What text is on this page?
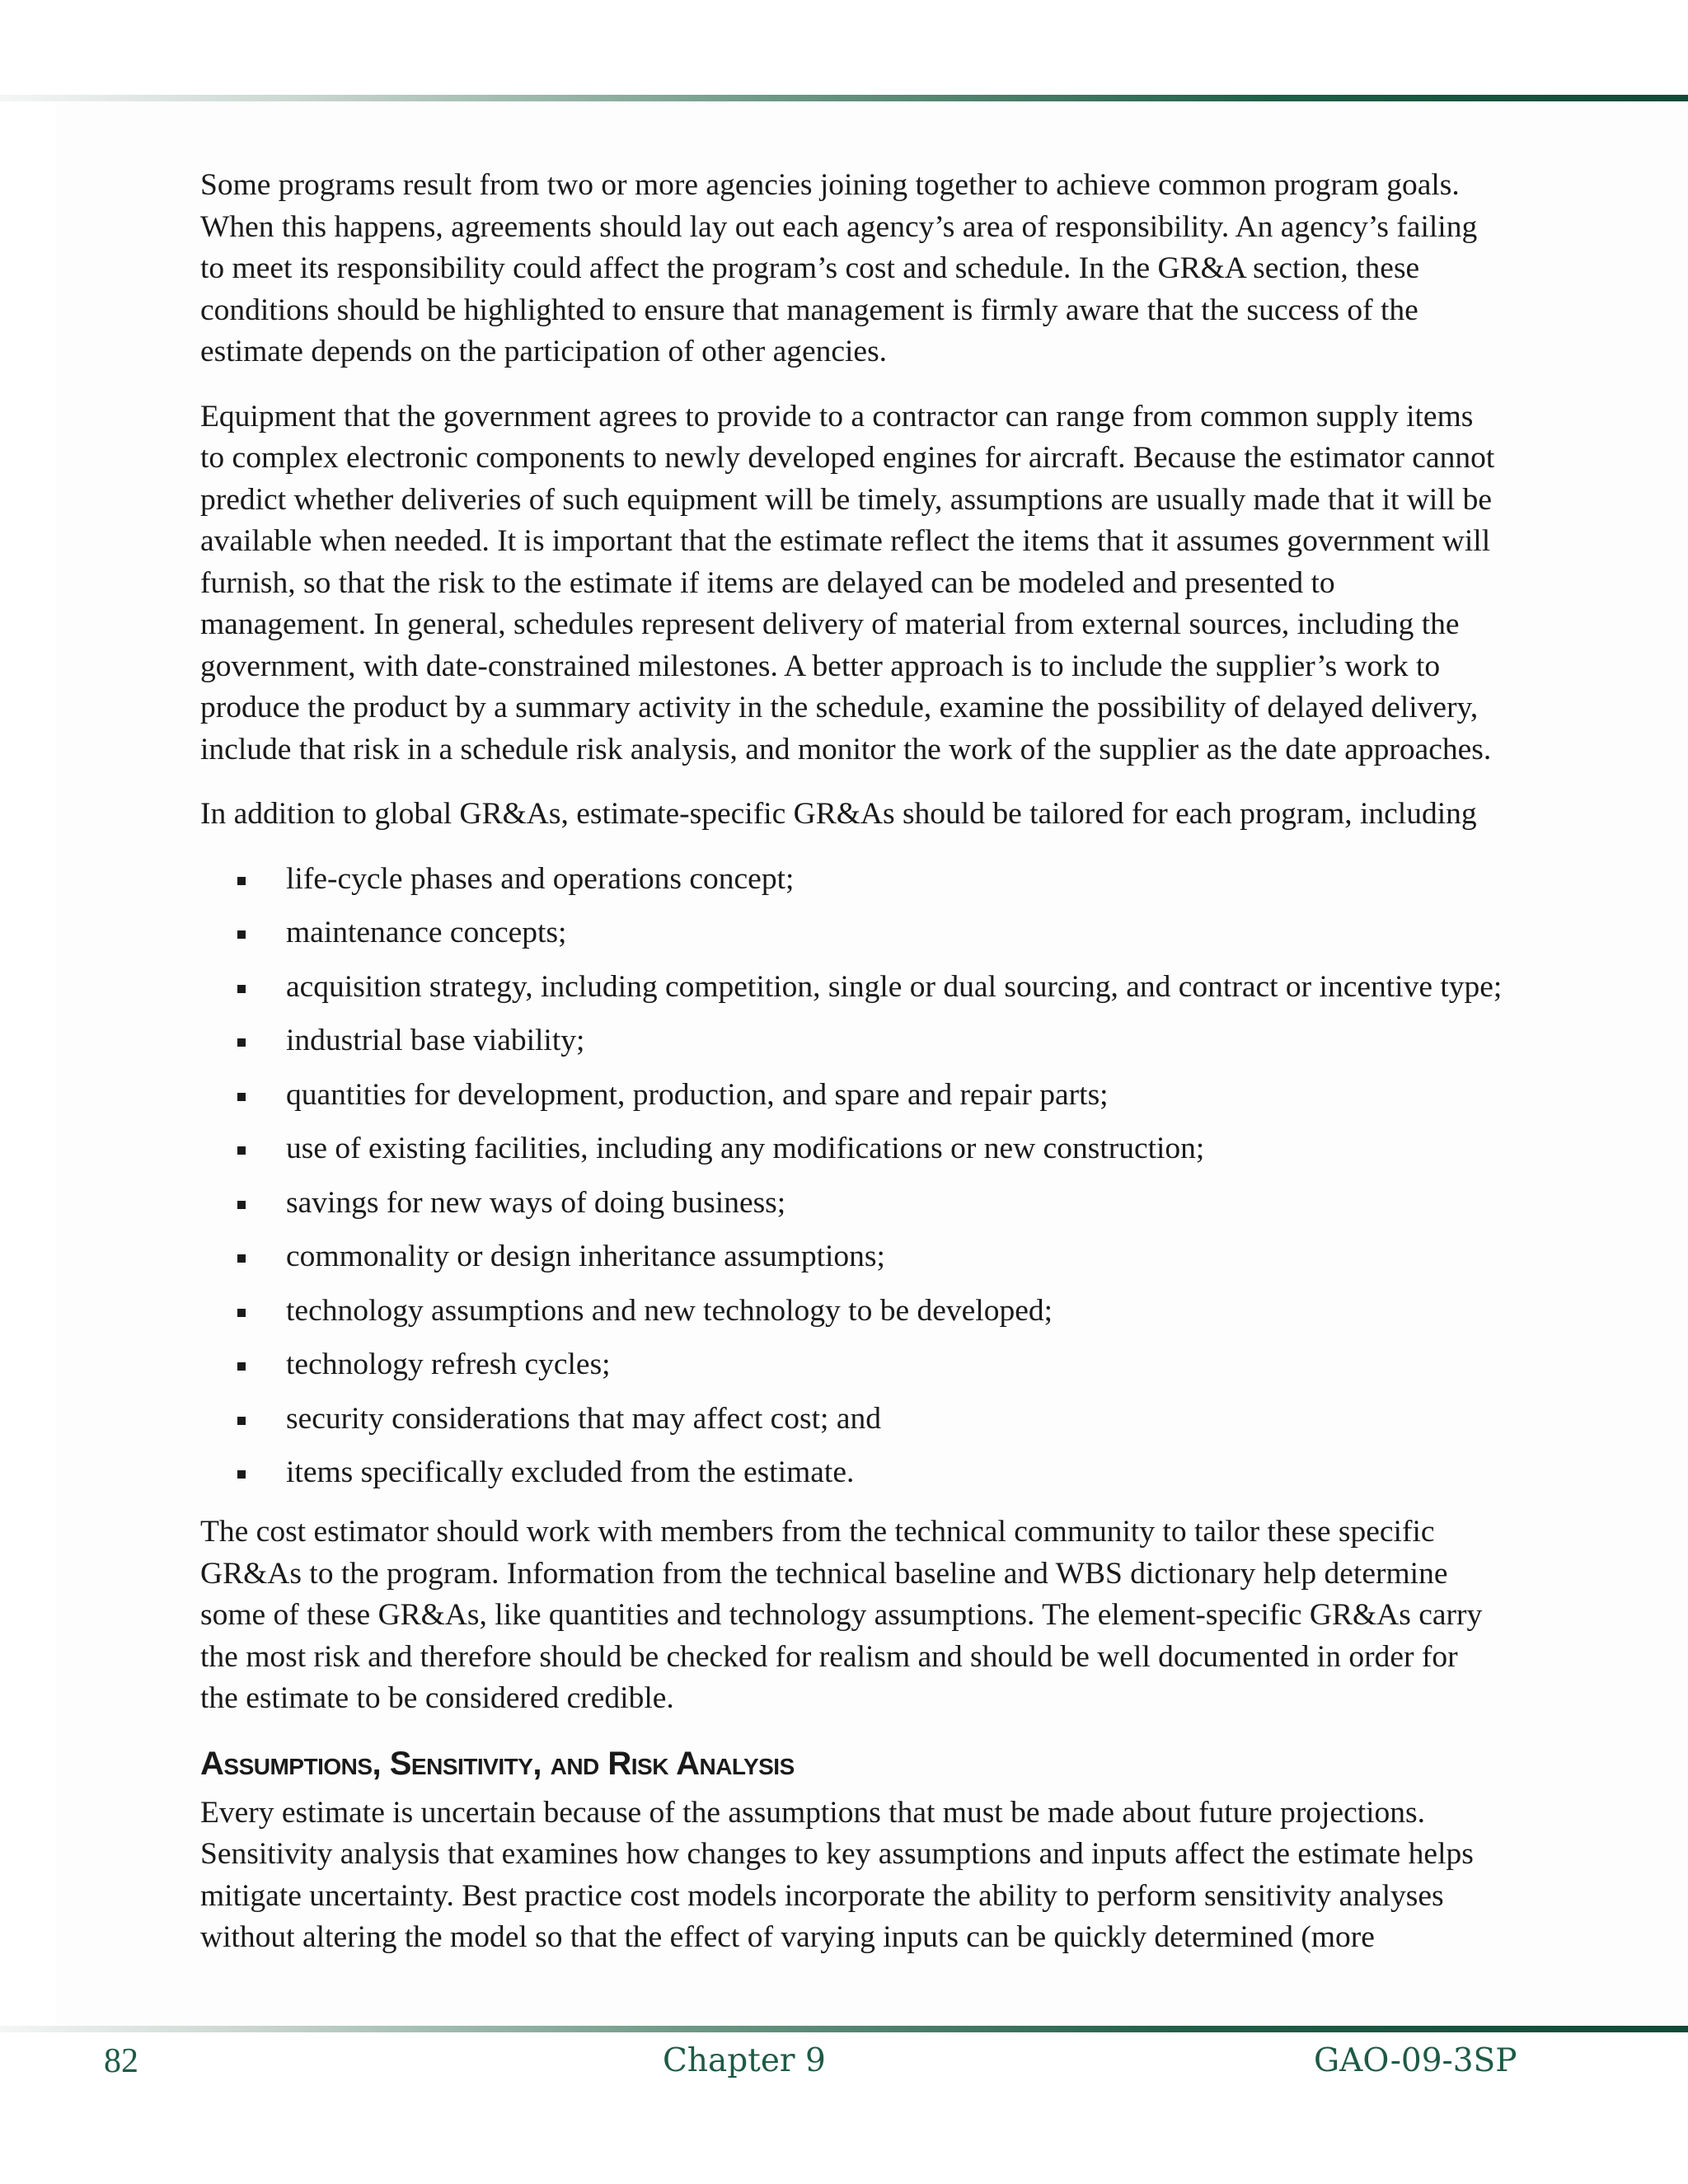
Some programs result from two or more agencies joining together to achieve common program goals. When this happens, agreements should lay out each agency’s area of responsibility. An agency’s failing to meet its responsibility could affect the program’s cost and schedule. In the GR&A section, these conditions should be highlighted to ensure that management is firmly aware that the success of the estimate depends on the participation of other agencies.

Equipment that the government agrees to provide to a contractor can range from common supply items to complex electronic components to newly developed engines for aircraft. Because the estimator cannot predict whether deliveries of such equipment will be timely, assumptions are usually made that it will be available when needed. It is important that the estimate reflect the items that it assumes government will furnish, so that the risk to the estimate if items are delayed can be modeled and presented to management. In general, schedules represent delivery of material from external sources, including the government, with date-constrained milestones. A better approach is to include the supplier’s work to produce the product by a summary activity in the schedule, examine the possibility of delayed delivery, include that risk in a schedule risk analysis, and monitor the work of the supplier as the date approaches.

In addition to global GR&As, estimate-specific GR&As should be tailored for each program, including

life-cycle phases and operations concept;
maintenance concepts;
acquisition strategy, including competition, single or dual sourcing, and contract or incentive type;
industrial base viability;
quantities for development, production, and spare and repair parts;
use of existing facilities, including any modifications or new construction;
savings for new ways of doing business;
commonality or design inheritance assumptions;
technology assumptions and new technology to be developed;
technology refresh cycles;
security considerations that may affect cost; and
items specifically excluded from the estimate.

The cost estimator should work with members from the technical community to tailor these specific GR&As to the program. Information from the technical baseline and WBS dictionary help determine some of these GR&As, like quantities and technology assumptions. The element-specific GR&As carry the most risk and therefore should be checked for realism and should be well documented in order for the estimate to be considered credible.

Assumptions, Sensitivity, and Risk Analysis

Every estimate is uncertain because of the assumptions that must be made about future projections. Sensitivity analysis that examines how changes to key assumptions and inputs affect the estimate helps mitigate uncertainty. Best practice cost models incorporate the ability to perform sensitivity analyses without altering the model so that the effect of varying inputs can be quickly determined (more

82	Chapter 9	GAO-09-3SP
